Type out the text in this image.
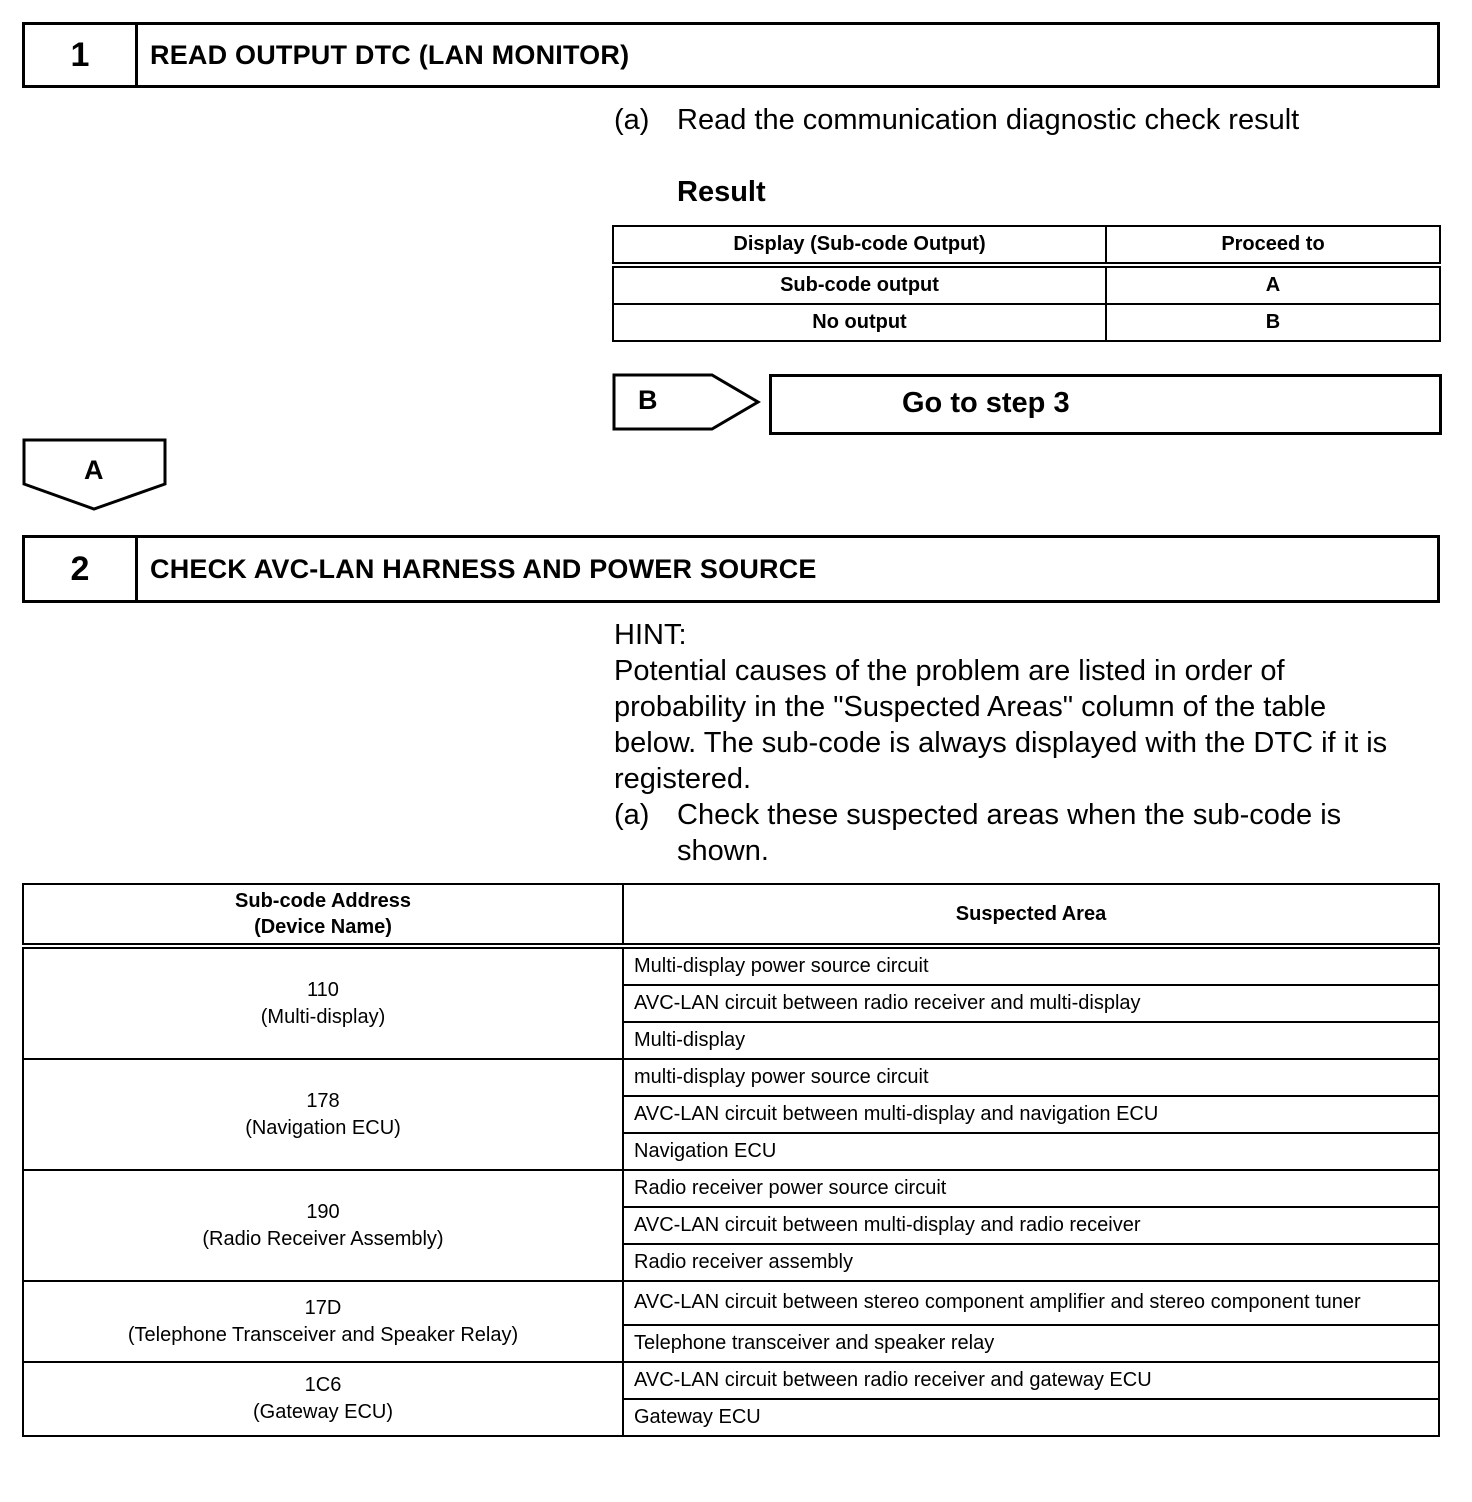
1	READ OUTPUT DTC (LAN MONITOR)
(a) Read the communication diagnostic check result
Result
Display (Sub-code Output)	Proceed to
Sub-code output	A
No output	B
B	Go to step 3
A
2	CHECK AVC-LAN HARNESS AND POWER SOURCE
HINT:
Potential causes of the problem are listed in order of
probability in the "Suspected Areas" column of the table
below. The sub-code is always displayed with the DTC if it is
registered.
(a) Check these suspected areas when the sub-code is
shown.
Sub-code Address
(Device Name)	Suspected Area
110
(Multi-display)	Multi-display power source circuit
	AVC-LAN circuit between radio receiver and multi-display
	Multi-display
178
(Navigation ECU)	multi-display power source circuit
	AVC-LAN circuit between multi-display and navigation ECU
	Navigation ECU
190
(Radio Receiver Assembly)	Radio receiver power source circuit
	AVC-LAN circuit between multi-display and radio receiver
	Radio receiver assembly
17D
(Telephone Transceiver and Speaker Relay)	AVC-LAN circuit between stereo component amplifier and stereo component tuner
	Telephone transceiver and speaker relay
1C6
(Gateway ECU)	AVC-LAN circuit between radio receiver and gateway ECU
	Gateway ECU
